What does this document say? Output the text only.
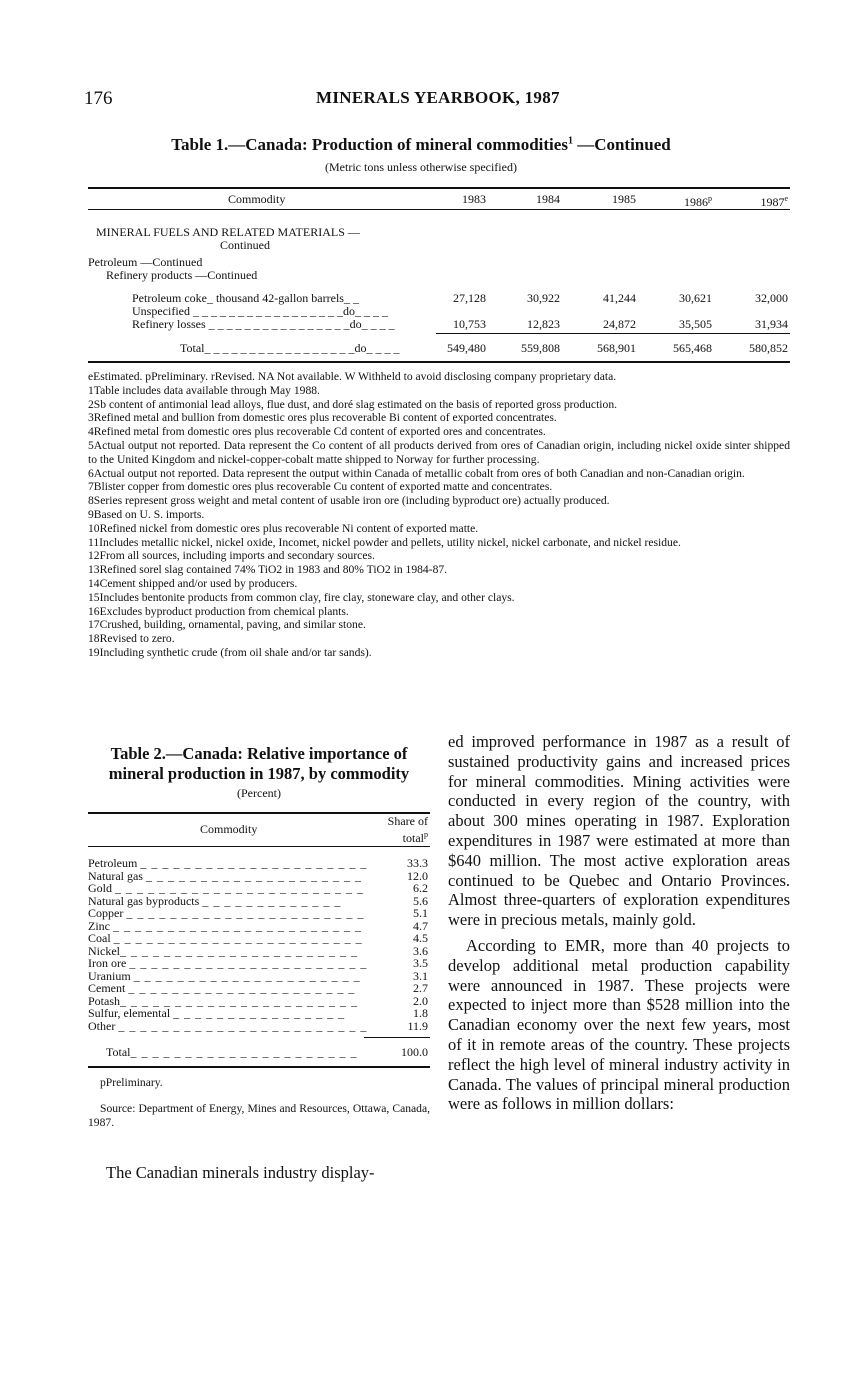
176	MINERALS YEARBOOK, 1987
Table 1.—Canada: Production of mineral commodities$^1$ —Continued
(Metric tons unless otherwise specified)
Commodity	1983	1984	1985	1986$^p$	1987e
MINERAL FUELS AND RELATED MATERIALS —
Continued
Petroleum —Continued
Refinery products —Continued
Petroleum coke_ thousand 42-gallon barrels_ _	27,128	30,922	41,244	30,621	32,000
Unspecified _ _ _ _ _ _ _ _ _ _ _ _ _ _ _ _ _do_ _ _ _
Refinery losses _ _ _ _ _ _ _ _ _ _ _ _ _ _ _ _do_ _ _ _	10,753	12,823	24,872	35,505	31,934
Total_ _ _ _ _ _ _ _ _ _ _ _ _ _ _ _ _do_ _ _ _	549,480	559,808	568,901	565,468	580,852

eEstimated. pPreliminary. rRevised. NA Not available. W Withheld to avoid disclosing company proprietary data.

1Table includes data available through May 1988.

2Sb content of antimonial lead alloys, flue dust, and doré slag estimated on the basis of reported gross production.

3Refined metal and bullion from domestic ores plus recoverable Bi content of exported concentrates.

4Refined metal from domestic ores plus recoverable Cd content of exported ores and concentrates.

5Actual output not reported. Data represent the Co content of all products derived from ores of Canadian origin, including nickel oxide sinter shipped to the United Kingdom and nickel-copper-cobalt matte shipped to Norway for further processing.

6Actual output not reported. Data represent the output within Canada of metallic cobalt from ores of both Canadian and non-Canadian origin.

7Blister copper from domestic ores plus recoverable Cu content of exported matte and concentrates.

8Series represent gross weight and metal content of usable iron ore (including byproduct ore) actually produced.

9Based on U. S. imports.

10Refined nickel from domestic ores plus recoverable Ni content of exported matte.

11Includes metallic nickel, nickel oxide, Incomet, nickel powder and pellets, utility nickel, nickel carbonate, and nickel residue.

12From all sources, including imports and secondary sources.

13Refined sorel slag contained 74% TiO2 in 1983 and 80% TiO2 in 1984-87.

14Cement shipped and/or used by producers.

15Includes bentonite products from common clay, fire clay, stoneware clay, and other clays.

16Excludes byproduct production from chemical plants.

17Crushed, building, ornamental, paving, and similar stone.

18Revised to zero.

19Including synthetic crude (from oil shale and/or tar sands).

Table 2.—Canada: Relative importance of mineral production in 1987, by commodity
(Percent)
Commodity
Share of total$^p$
Petroleum _ _ _ _ _ _ _ _ _ _ _ _ _ _ _ _ _ _ _ _ _	33.3
Natural gas _ _ _ _ _ _ _ _ _ _ _ _ _ _ _ _ _ _ _ _	12.0
Gold _ _ _ _ _ _ _ _ _ _ _ _ _ _ _ _ _ _ _ _ _ _ _	6.2
Natural gas byproducts _ _ _ _ _ _ _ _ _ _ _ _ _	5.6
Copper _ _ _ _ _ _ _ _ _ _ _ _ _ _ _ _ _ _ _ _ _ _	5.1
Zinc _ _ _ _ _ _ _ _ _ _ _ _ _ _ _ _ _ _ _ _ _ _ _	4.7
Coal _ _ _ _ _ _ _ _ _ _ _ _ _ _ _ _ _ _ _ _ _ _ _	4.5
Nickel_ _ _ _ _ _ _ _ _ _ _ _ _ _ _ _ _ _ _ _ _ _	3.6
Iron ore _ _ _ _ _ _ _ _ _ _ _ _ _ _ _ _ _ _ _ _ _ _	3.5
Uranium _ _ _ _ _ _ _ _ _ _ _ _ _ _ _ _ _ _ _ _ _	3.1
Cement _ _ _ _ _ _ _ _ _ _ _ _ _ _ _ _ _ _ _ _ _	2.7
Potash_ _ _ _ _ _ _ _ _ _ _ _ _ _ _ _ _ _ _ _ _ _	2.0
Sulfur, elemental _ _ _ _ _ _ _ _ _ _ _ _ _ _ _ _	1.8
Other _ _ _ _ _ _ _ _ _ _ _ _ _ _ _ _ _ _ _ _ _ _ _	11.9
Total_ _ _ _ _ _ _ _ _ _ _ _ _ _ _ _ _ _ _ _ _	100.0
pPreliminary.
Source: Department of Energy, Mines and Resources, Ottawa, Canada, 1987.

The Canadian minerals industry display-

ed improved performance in 1987 as a result of sustained productivity gains and increased prices for mineral commodities. Mining activities were conducted in every region of the country, with about 300 mines operating in 1987. Exploration expenditures in 1987 were estimated at more than $640 million. The most active exploration areas continued to be Quebec and Ontario Provinces. Almost three-quarters of exploration expenditures were in precious metals, mainly gold.

According to EMR, more than 40 projects to develop additional metal production capability were announced in 1987. These projects were expected to inject more than $528 million into the Canadian economy over the next few years, most of it in remote areas of the country. These projects reflect the high level of mineral industry activity in Canada. The values of principal mineral production were as follows in million dollars:
